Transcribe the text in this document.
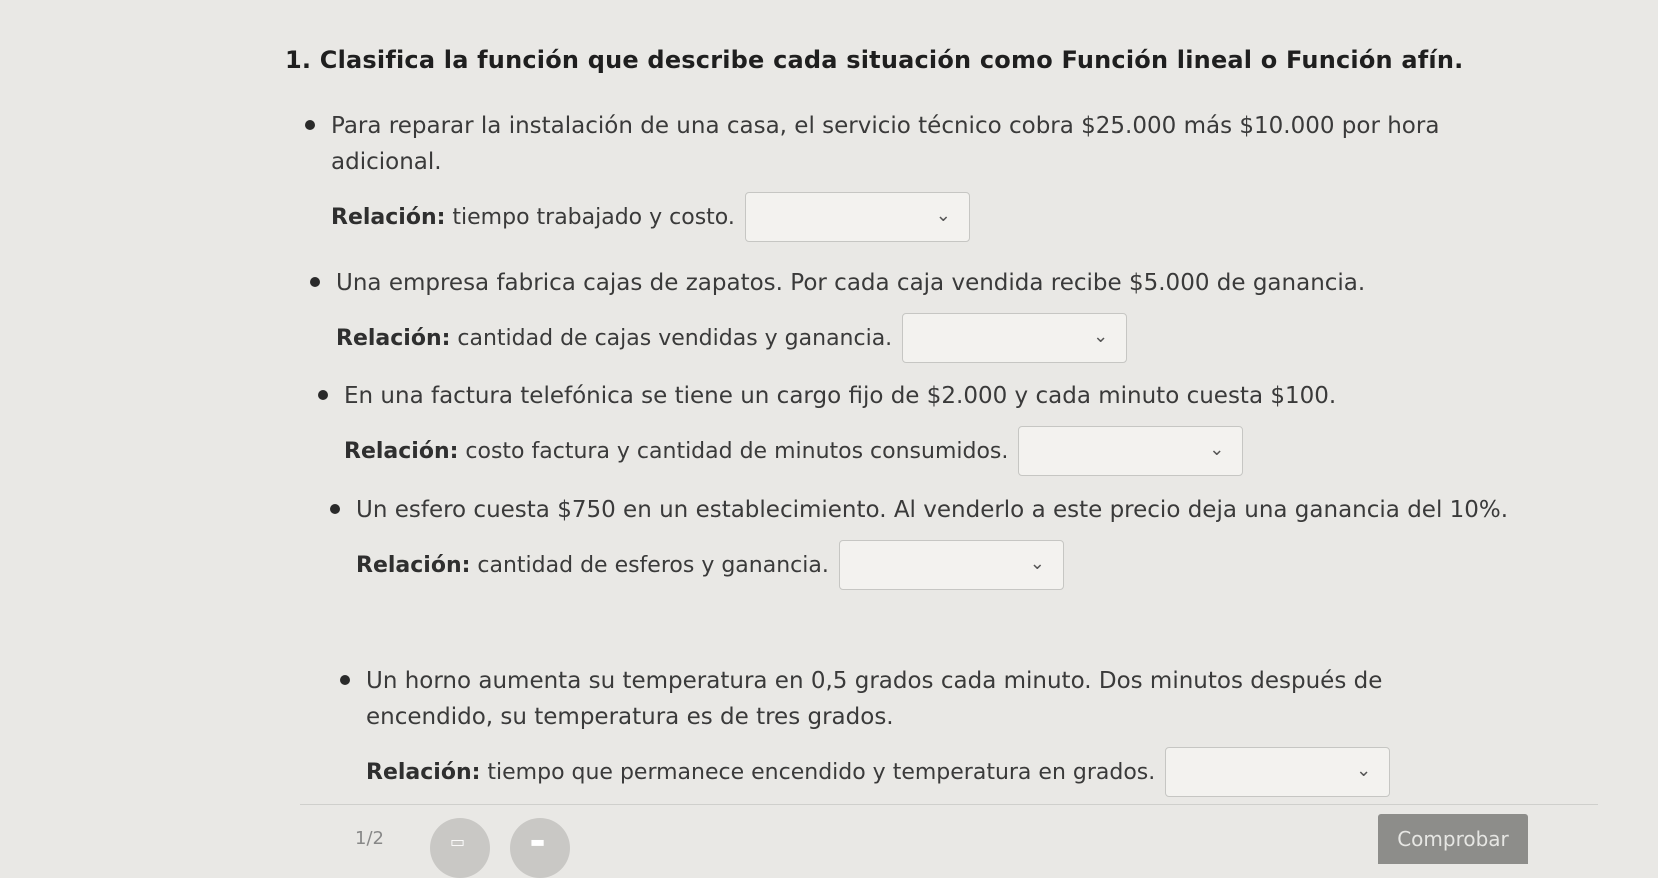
1. Clasifica la función que describe cada situación como Función lineal o Función afín.
Para reparar la instalación de una casa, el servicio técnico cobra $25.000 más $10.000 por hora adicional.
Relación:
tiempo trabajado y costo.	⌄
Una empresa fabrica cajas de zapatos. Por cada caja vendida recibe $5.000 de ganancia.
Relación:
cantidad de cajas vendidas y ganancia.	⌄
En una factura telefónica se tiene un cargo fijo de $2.000 y cada minuto cuesta $100.
Relación:
costo factura y cantidad de minutos consumidos.	⌄
Un esfero cuesta $750 en un establecimiento. Al venderlo a este precio deja una ganancia del 10%.
Relación:
cantidad de esferos y ganancia.	⌄
Un horno aumenta su temperatura en 0,5 grados cada minuto. Dos minutos después de encendido, su temperatura es de tres grados.
Relación:
tiempo que permanece encendido y temperatura en grados.	⌄
1/2	▭	▬	Comprobar
